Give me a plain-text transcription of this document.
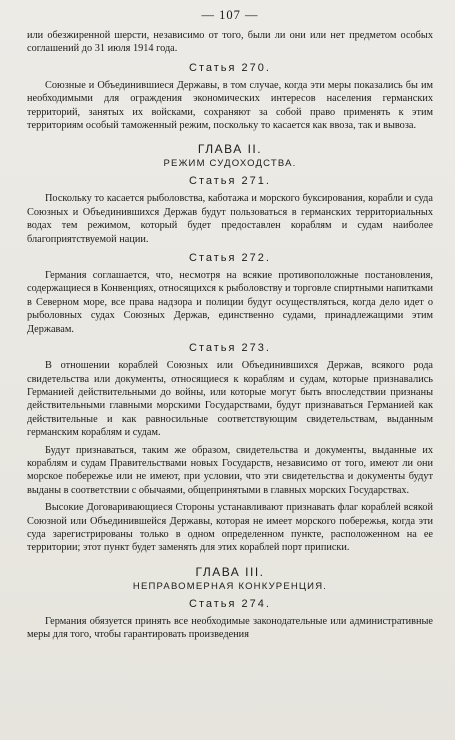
— 107 —

или обезжиренной шерсти, независимо от того, были ли они или нет предметом особых соглашений до 31 июля 1914 года.

Статья 270.

Союзные и Объединившиеся Державы, в том случае, когда эти меры показались бы им необходимыми для ограждения экономических интересов населения германских территорий, занятых их войсками, сохраняют за собой право применять к этим территориям особый таможенный режим, поскольку то касается как ввоза, так и вывоза.

ГЛАВА II.
РЕЖИМ СУДОХОДСТВА.
Статья 271.

Поскольку то касается рыболовства, каботажа и морского буксирования, корабли и суда Союзных и Объединившихся Держав будут пользоваться в германских территориальных водах тем режимом, который будет предоставлен кораблям и судам наиболее благоприятствуемой нации.

Статья 272.

Германия соглашается, что, несмотря на всякие противоположные постановления, содержащиеся в Конвенциях, относящихся к рыболовству и торговле спиртными напитками в Северном море, все права надзора и полиции будут осуществляться, когда дело идет о рыболовных судах Союзных Держав, единственно судами, принадлежащими этим Державам.

Статья 273.

В отношении кораблей Союзных или Объединившихся Держав, всякого рода свидетельства или документы, относящиеся к кораблям и судам, которые признавались Германией действительными до войны, или которые могут быть впоследствии признаны действительными главными морскими Государствами, будут признаваться Германией как действительные и как равносильные соответствующим свидетельствам, выданным германским кораблям и судам.

Будут признаваться, таким же образом, свидетельства и документы, выданные их кораблям и судам Правительствами новых Государств, независимо от того, имеют ли они морское побережье или не имеют, при условии, что эти свидетельства и документы будут выданы в соответствии с обычаями, общепринятыми в главных морских Государствах.

Высокие Договаривающиеся Стороны устанавливают признавать флаг кораблей всякой Союзной или Объединившейся Державы, которая не имеет морского побережья, когда эти суда зарегистрированы только в одном определенном пункте, расположенном на ее территории; этот пункт будет заменять для этих кораблей порт приписки.

ГЛАВА III.
НЕПРАВОМЕРНАЯ КОНКУРЕНЦИЯ.
Статья 274.

Германия обязуется принять все необходимые законодательные или административные меры для того, чтобы гарантировать произведения
